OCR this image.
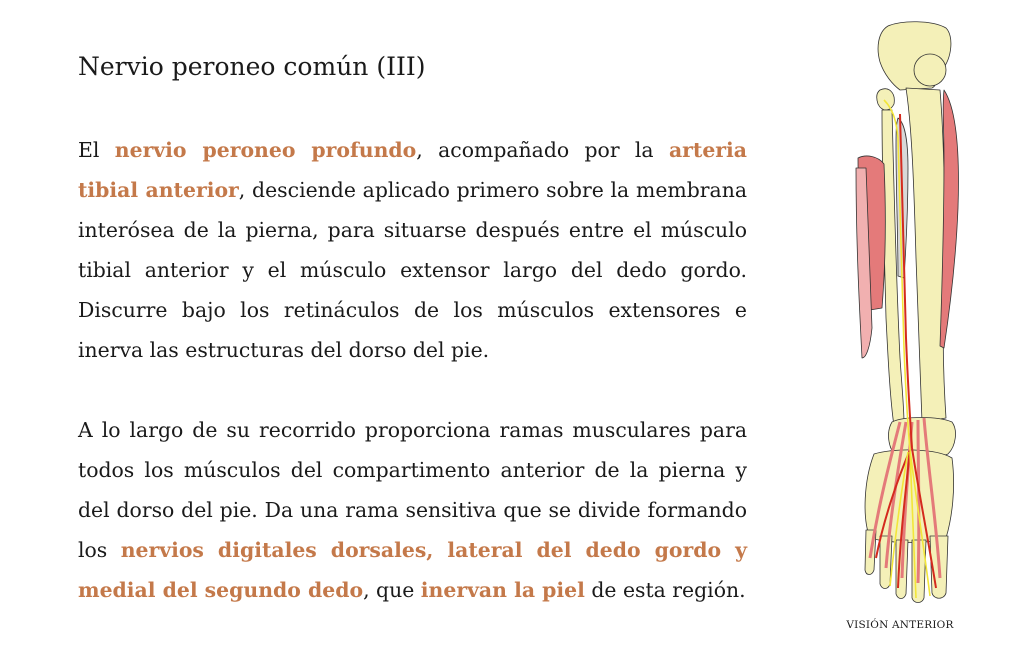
Nervio peroneo común (III)

El nervio peroneo profundo, acompañado por la arteria tibial anterior, desciende aplicado primero sobre la membrana interósea de la pierna, para situarse después entre el músculo tibial anterior y el músculo extensor largo del dedo gordo. Discurre bajo los retináculos de los músculos extensores e inerva las estructuras del dorso del pie.

A lo largo de su recorrido proporciona ramas musculares para todos los músculos del compartimento anterior de la pierna y del dorso del pie. Da una rama sensitiva que se divide formando los nervios digitales dorsales, lateral del dedo gordo y medial del segundo dedo, que inervan la piel de esta región.

VISIÓN ANTERIOR
